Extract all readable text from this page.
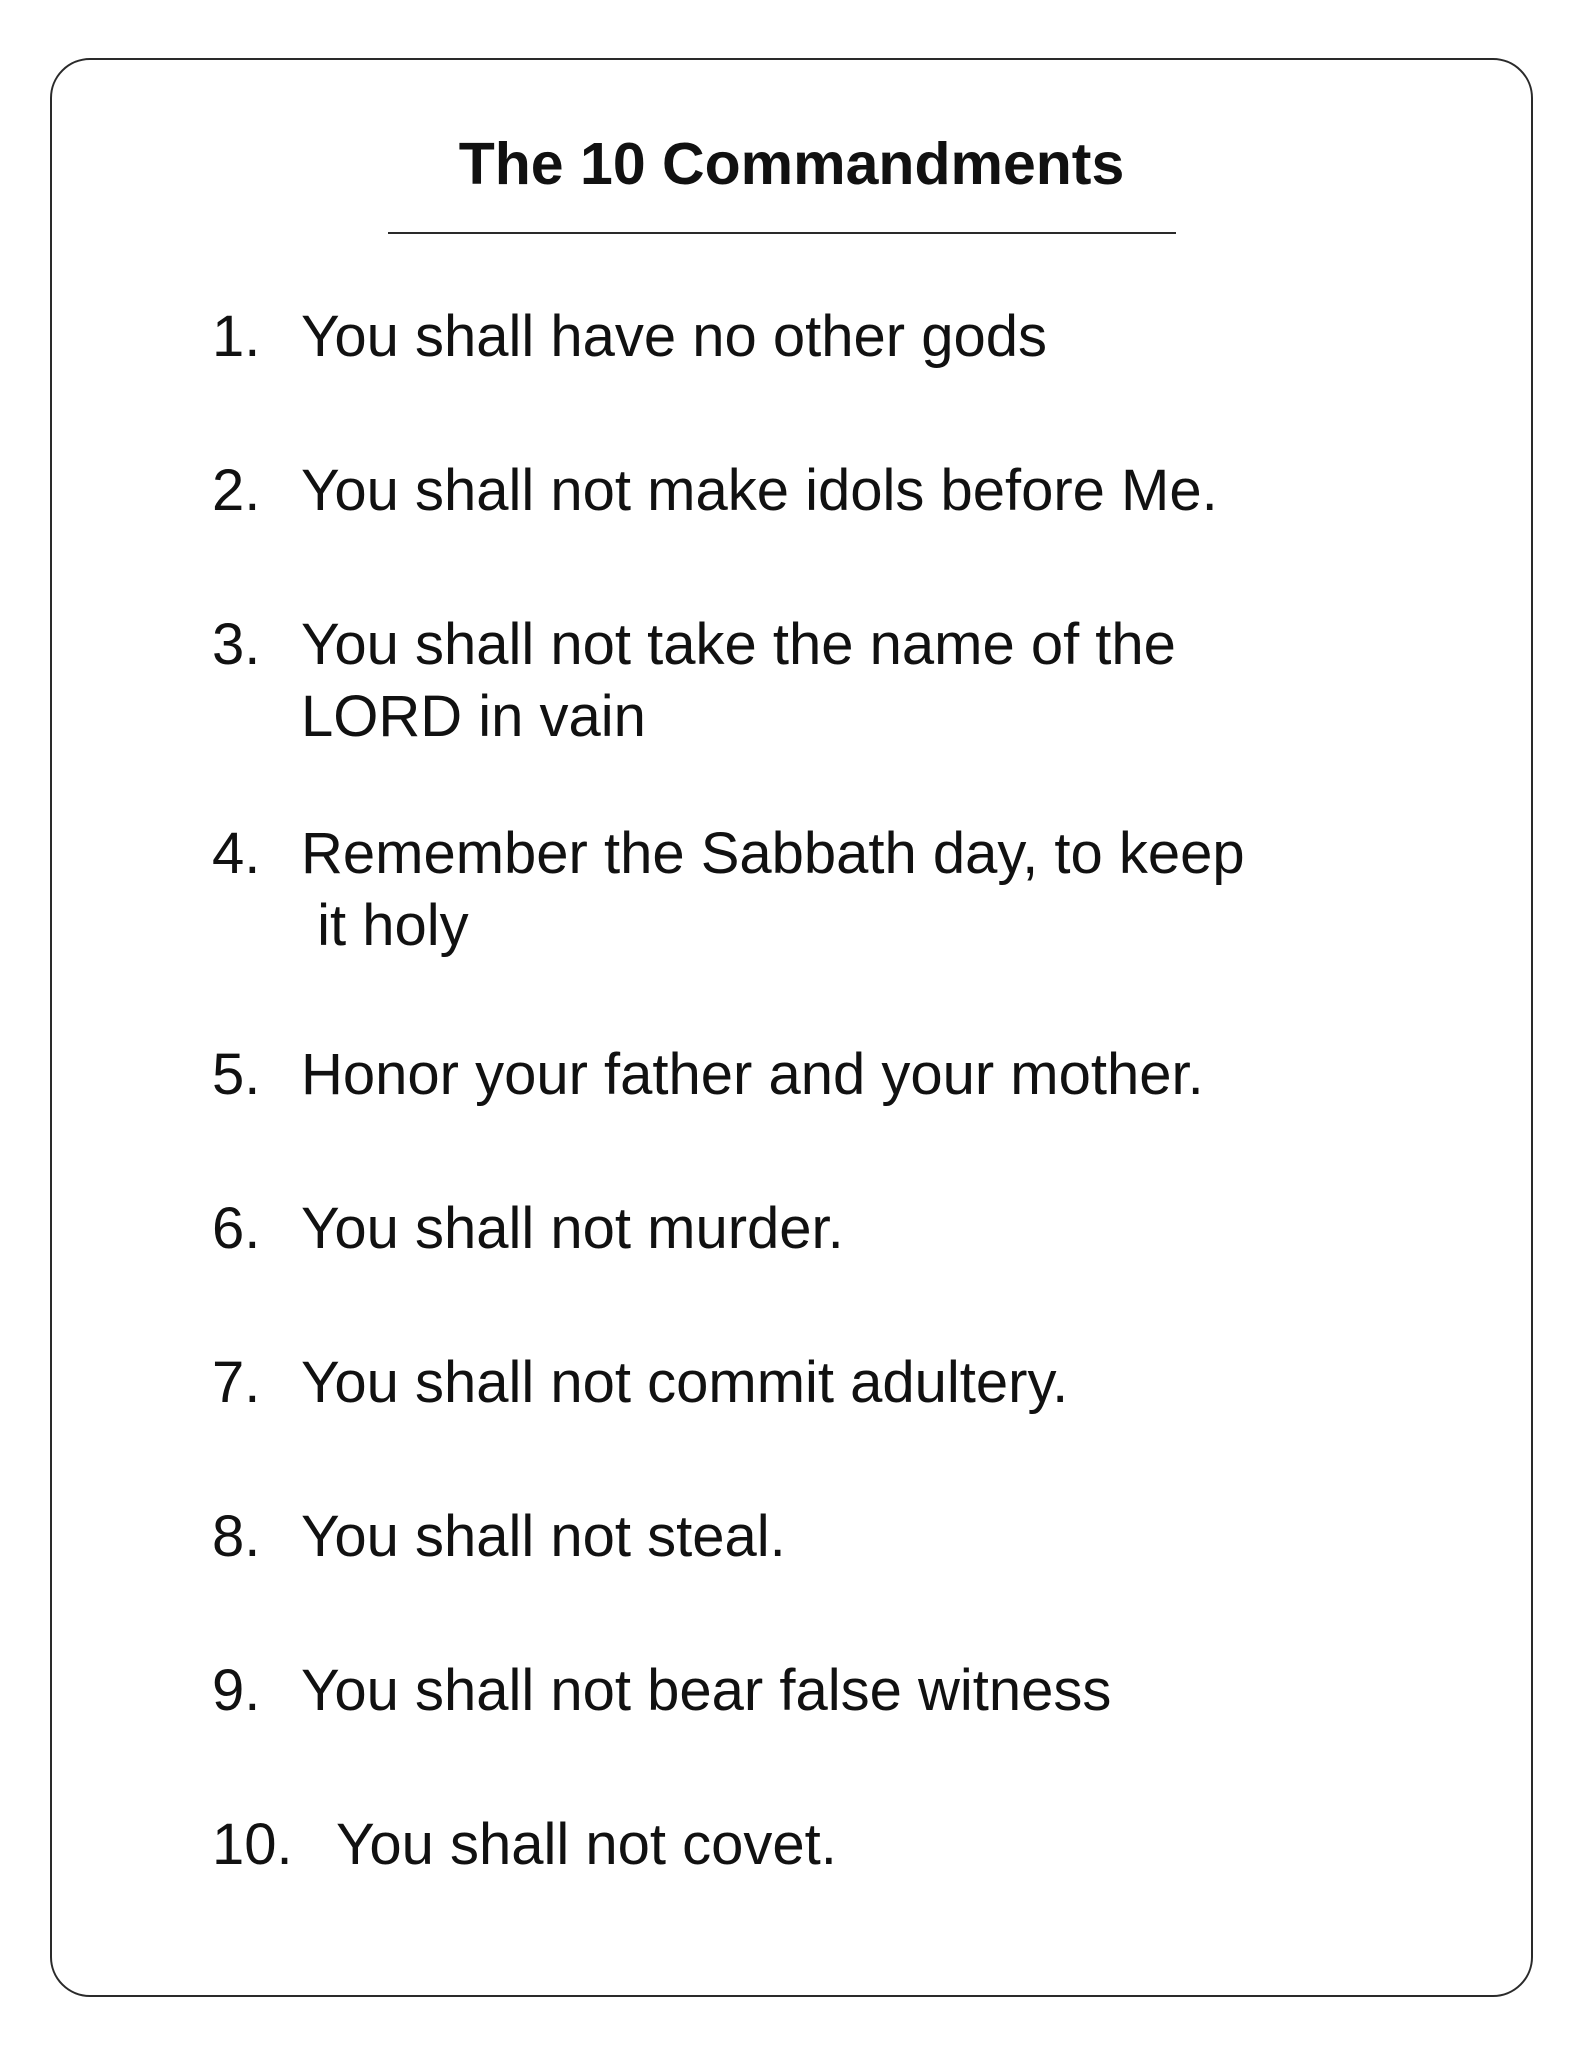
The 10 Commandments
1. You shall have no other gods
2. You shall not make idols before Me.
3. You shall not take the name of the
LORD in vain
4. Remember the Sabbath day, to keep
it holy
5. Honor your father and your mother.
6. You shall not murder.
7. You shall not commit adultery.
8. You shall not steal.
9. You shall not bear false witness
10. You shall not covet.
